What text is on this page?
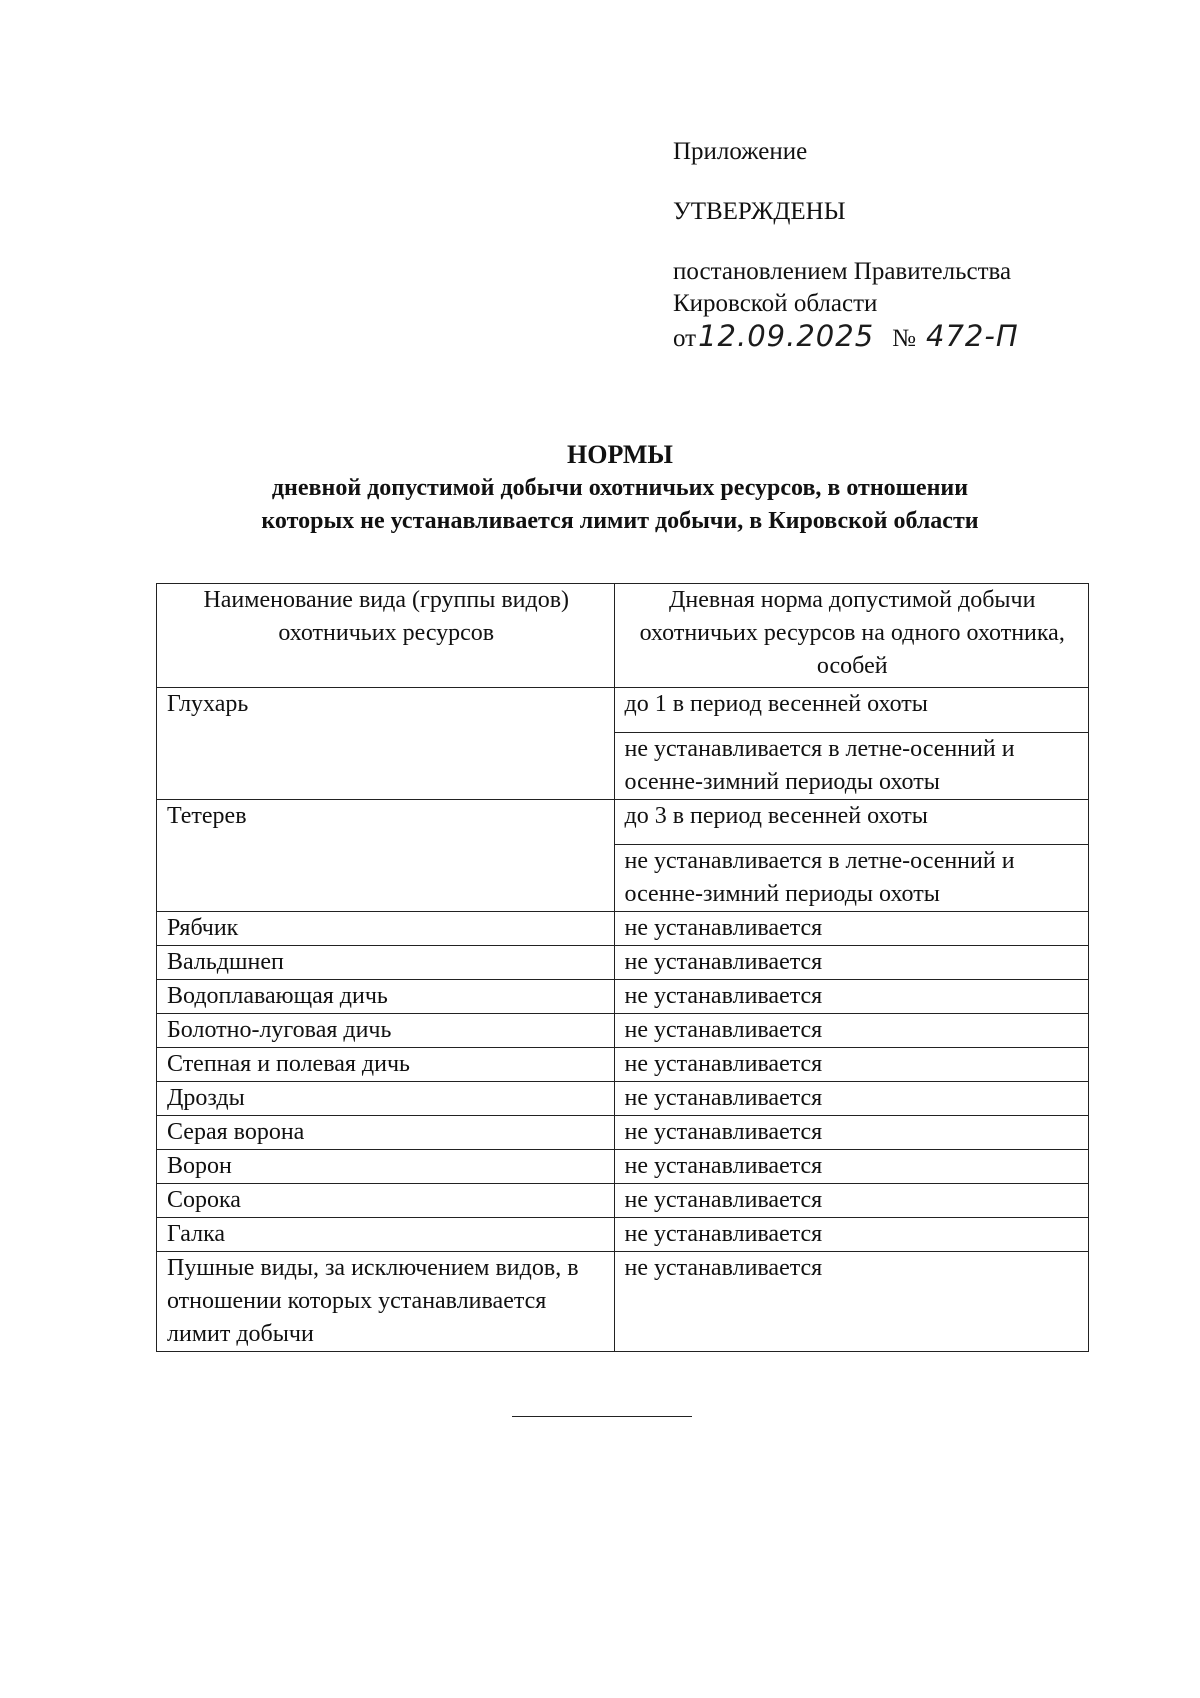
Приложение
УТВЕРЖДЕНЫ
постановлением Правительства
Кировской области
от12.09.2025 № 472-П
НОРМЫ
дневной допустимой добычи охотничьих ресурсов, в отношении
которых не устанавливается лимит добычи, в Кировской области
Наименование вида (группы видов) охотничьих ресурсов	Дневная норма допустимой добычи охотничьих ресурсов на одного охотника, особей
Глухарь	до 1 в период весенней охоты
	не устанавливается в летне-осенний и осенне-зимний периоды охоты
Тетерев	до 3 в период весенней охоты
	не устанавливается в летне-осенний и осенне-зимний периоды охоты
Рябчик	не устанавливается
Вальдшнеп	не устанавливается
Водоплавающая дичь	не устанавливается
Болотно-луговая дичь	не устанавливается
Степная и полевая дичь	не устанавливается
Дрозды	не устанавливается
Серая ворона	не устанавливается
Ворон	не устанавливается
Сорока	не устанавливается
Галка	не устанавливается
Пушные виды, за исключением видов, в отношении которых устанавливается лимит добычи	не устанавливается
